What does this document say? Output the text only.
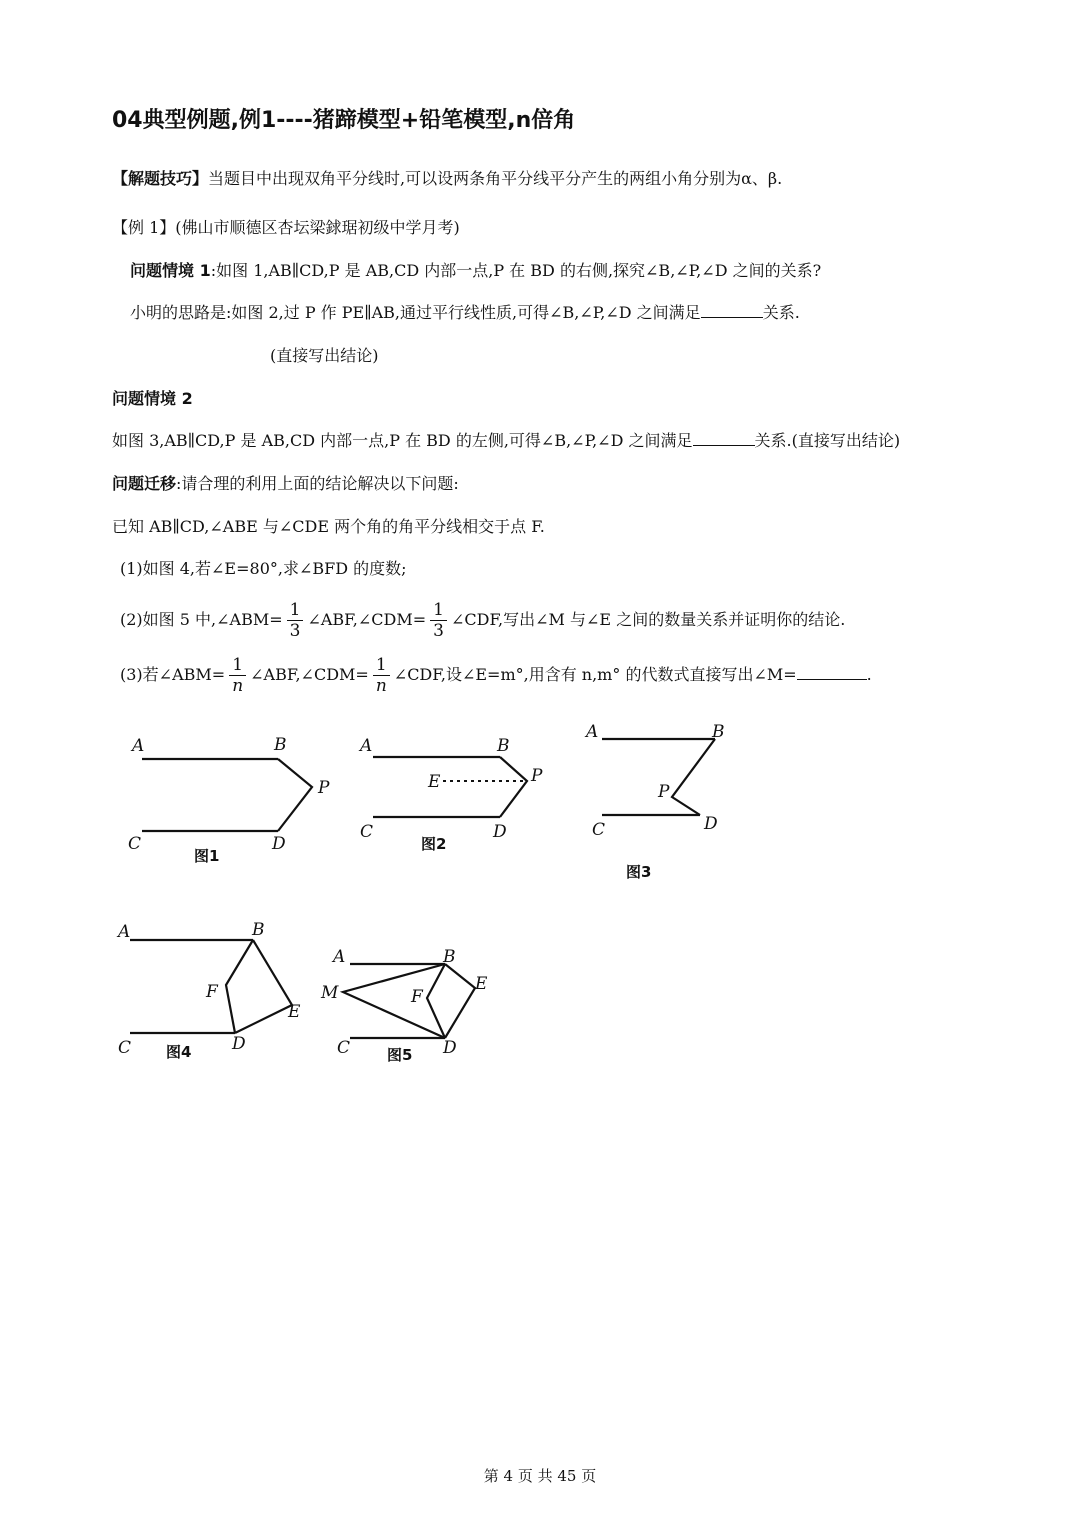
04典型例题,例1----猪蹄模型+铅笔模型,n倍角
【解题技巧】当题目中出现双角平分线时,可以设两条角平分线平分产生的两组小角分别为α、β.
【例 1】(佛山市顺德区杏坛梁銶琚初级中学月考)
问题情境 1:如图 1,AB∥CD,P 是 AB,CD 内部一点,P 在 BD 的右侧,探究∠B,∠P,∠D 之间的关系?
小明的思路是:如图 2,过 P 作 PE∥AB,通过平行线性质,可得∠B,∠P,∠D 之间满足	关系.
(直接写出结论)
问题情境 2
如图 3,AB∥CD,P 是 AB,CD 内部一点,P 在 BD 的左侧,可得∠B,∠P,∠D 之间满足	关系.(直接写出结论)
问题迁移:请合理的利用上面的结论解决以下问题:
已知 AB∥CD,∠ABE 与∠CDE 两个角的角平分线相交于点 F.
(1)如图 4,若∠E=80°,求∠BFD 的度数;
(2)如图 5 中,∠ABM= $\frac{1}{3}$ ∠ABF,∠CDM= $\frac{1}{3}$ ∠CDF,写出∠M 与∠E 之间的数量关系并证明你的结论.
(3)若∠ABM= $\frac{1}{n}$ ∠ABF,∠CDM= $\frac{1}{n}$ ∠CDF,设∠E=m°,用含有 n,m° 的代数式直接写出∠M=	.
A	B
P
C	D
图1
A	B
E	P
C	D
图2
A	B
P
C	D
图3
A	B
F
E
C	D
图4
A	B
M	F
E
C	D
图5
第 4 页 共 45 页
